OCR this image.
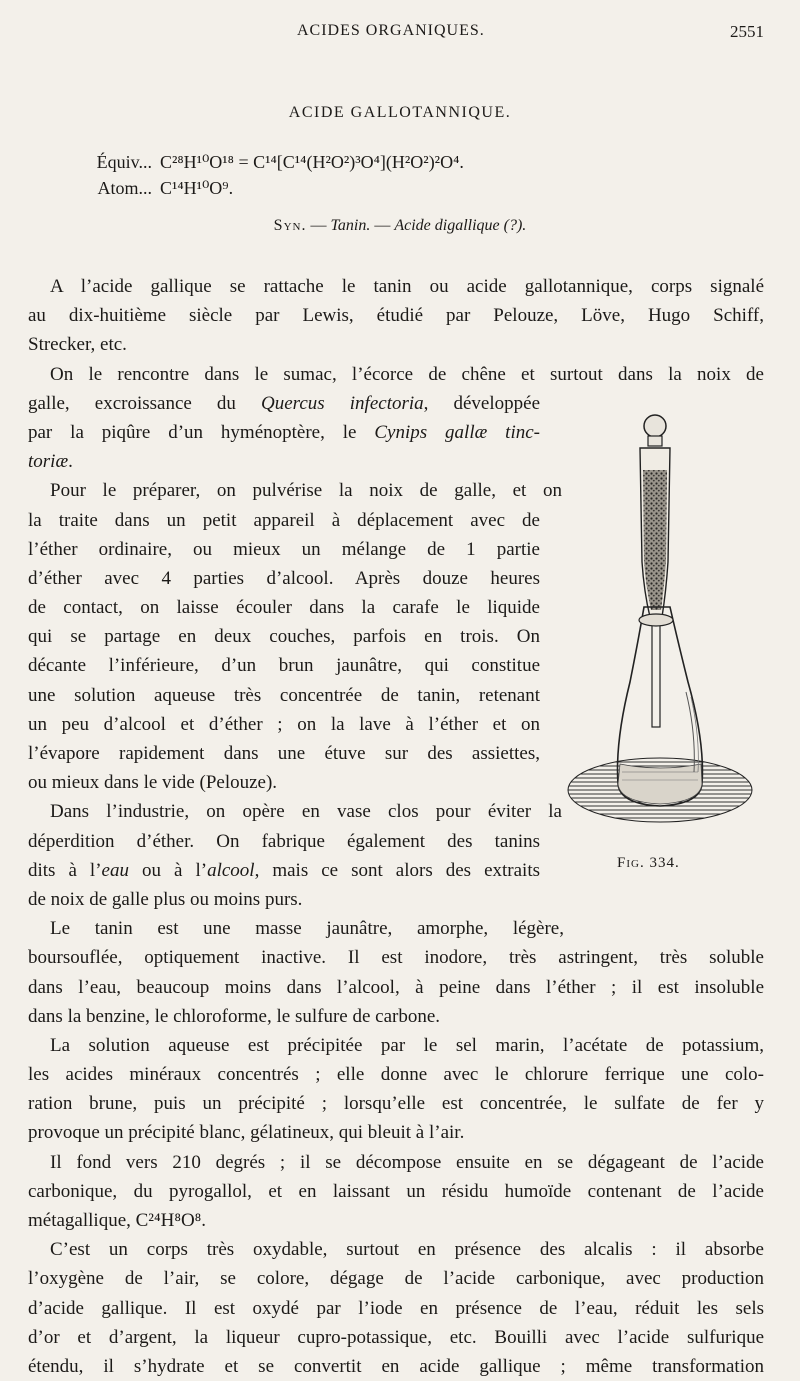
ACIDES ORGANIQUES.	2551
ACIDE GALLOTANNIQUE.
Équiv... C²⁸H¹⁰O¹⁸ = C¹⁴[C¹⁴(H²O²)³O⁴](H²O²)²O⁴.
Atom... C¹⁴H¹⁰O⁹.
Syn. — Tanin. — Acide digallique (?).
A l’acide gallique se rattache le tanin ou acide gallotannique, corps signalé
au dix-huitième siècle par Lewis, étudié par Pelouze, Löve, Hugo Schiff,
Strecker, etc.
On le rencontre dans le sumac, l’écorce de chêne et surtout dans la noix de
galle, excroissance du Quercus infectoria, développée
par la piqûre d’un hyménoptère, le Cynips gallæ tinc-
toriæ.
Pour le préparer, on pulvérise la noix de galle, et on
la traite dans un petit appareil à déplacement avec de
l’éther ordinaire, ou mieux un mélange de 1 partie
d’éther avec 4 parties d’alcool. Après douze heures
de contact, on laisse écouler dans la carafe le liquide
qui se partage en deux couches, parfois en trois. On
décante l’inférieure, d’un brun jaunâtre, qui constitue
une solution aqueuse très concentrée de tanin, retenant
un peu d’alcool et d’éther ; on la lave à l’éther et on
l’évapore rapidement dans une étuve sur des assiettes,
ou mieux dans le vide (Pelouze).
Dans l’industrie, on opère en vase clos pour éviter la
déperdition d’éther. On fabrique également des tanins
dits à l’eau ou à l’alcool, mais ce sont alors des extraits
de noix de galle plus ou moins purs.
Le tanin est une masse jaunâtre, amorphe, légère,
boursouflée, optiquement inactive. Il est inodore, très astringent, très soluble
dans l’eau, beaucoup moins dans l’alcool, à peine dans l’éther ; il est insoluble
dans la benzine, le chloroforme, le sulfure de carbone.
La solution aqueuse est précipitée par le sel marin, l’acétate de potassium,
les acides minéraux concentrés ; elle donne avec le chlorure ferrique une colo-
ration brune, puis un précipité ; lorsqu’elle est concentrée, le sulfate de fer y
provoque un précipité blanc, gélatineux, qui bleuit à l’air.
Il fond vers 210 degrés ; il se décompose ensuite en se dégageant de l’acide
carbonique, du pyrogallol, et en laissant un résidu humoïde contenant de l’acide
métagallique, C²⁴H⁸O⁸.
C’est un corps très oxydable, surtout en présence des alcalis : il absorbe
l’oxygène de l’air, se colore, dégage de l’acide carbonique, avec production
d’acide gallique. Il est oxydé par l’iode en présence de l’eau, réduit les sels
d’or et d’argent, la liqueur cupro-potassique, etc. Bouilli avec l’acide sulfurique
étendu, il s’hydrate et se convertit en acide gallique ; même transformation
Fig. 334.
